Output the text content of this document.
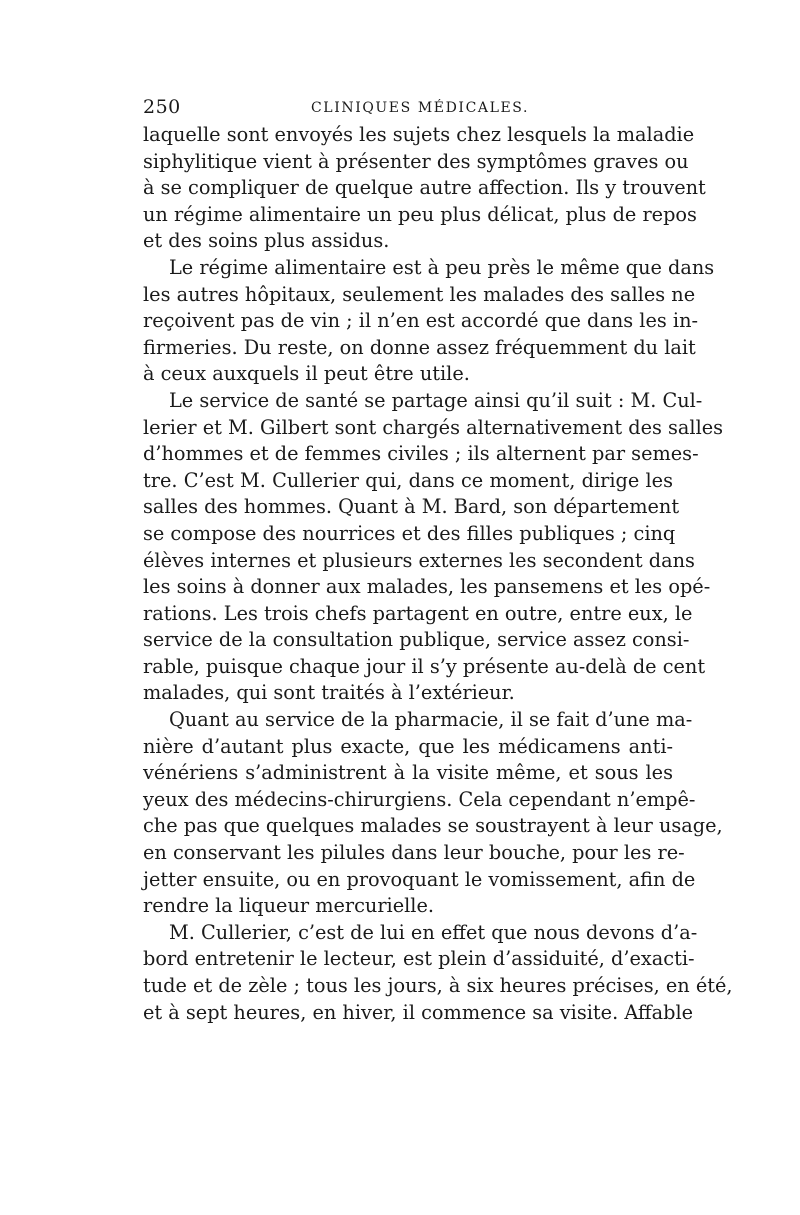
250	CLINIQUES MÉDICALES.
laquelle sont envoyés les sujets chez lesquels la maladie
siphylitique vient à présenter des symptômes graves ou
à se compliquer de quelque autre affection. Ils y trouvent
un régime alimentaire un peu plus délicat, plus de repos
et des soins plus assidus.
Le régime alimentaire est à peu près le même que dans
les autres hôpitaux, seulement les malades des salles ne
reçoivent pas de vin ; il n’en est accordé que dans les in-
firmeries. Du reste, on donne assez fréquemment du lait
à ceux auxquels il peut être utile.
Le service de santé se partage ainsi qu’il suit : M. Cul-
lerier et M. Gilbert sont chargés alternativement des salles
d’hommes et de femmes civiles ; ils alternent par semes-
tre. C’est M. Cullerier qui, dans ce moment, dirige les
salles des hommes. Quant à M. Bard, son département
se compose des nourrices et des filles publiques ; cinq
élèves internes et plusieurs externes les secondent dans
les soins à donner aux malades, les pansemens et les opé-
rations. Les trois chefs partagent en outre, entre eux, le
service de la consultation publique, service assez consi-
rable, puisque chaque jour il s’y présente au-delà de cent
malades, qui sont traités à l’extérieur.
Quant au service de la pharmacie, il se fait d’une ma-
nière d’autant plus exacte, que les médicamens anti-
vénériens s’administrent à la visite même, et sous les
yeux des médecins-chirurgiens. Cela cependant n’empê-
che pas que quelques malades se soustrayent à leur usage,
en conservant les pilules dans leur bouche, pour les re-
jetter ensuite, ou en provoquant le vomissement, afin de
rendre la liqueur mercurielle.
M. Cullerier, c’est de lui en effet que nous devons d’a-
bord entretenir le lecteur, est plein d’assiduité, d’exacti-
tude et de zèle ; tous les jours, à six heures précises, en été,
et à sept heures, en hiver, il commence sa visite. Affable
